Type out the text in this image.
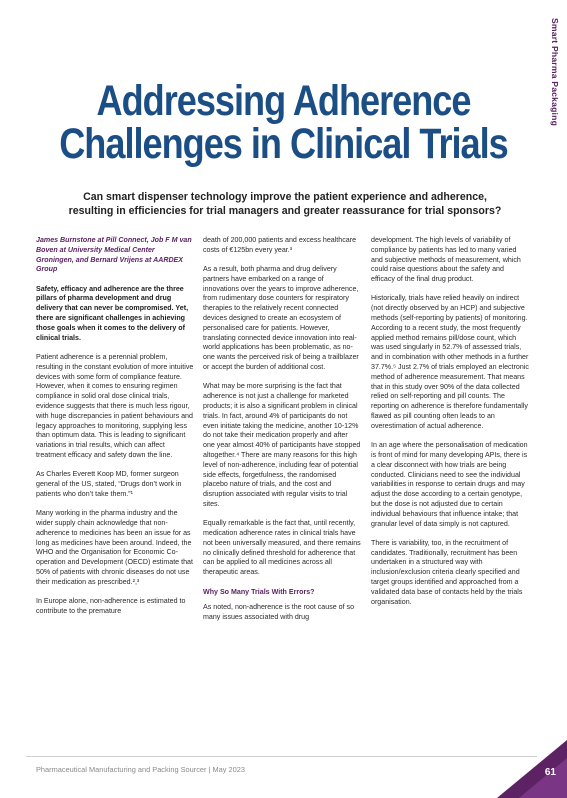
Smart Pharma Packaging
Addressing Adherence
Challenges in Clinical Trials
Can smart dispenser technology improve the patient experience and adherence, resulting in efficiencies for trial managers and greater reassurance for trial sponsors?

James Burnstone at Pill Connect, Job F M van Boven at University Medical Center Groningen, and Bernard Vrijens at AARDEX Group

Safety, efficacy and adherence are the three pillars of pharma development and drug delivery that can never be compromised. Yet, there are significant challenges in achieving those goals when it comes to the delivery of clinical trials.

Patient adherence is a perennial problem, resulting in the constant evolution of more intuitive devices with some form of compliance feature. However, when it comes to ensuring regimen compliance in solid oral dose clinical trials, evidence suggests that there is much less rigour, with huge discrepancies in patient behaviours and legacy approaches to monitoring, supplying less than optimum data. This is leading to significant variations in trial results, which can affect treatment efficacy and safety down the line.

As Charles Everett Koop MD, former surgeon general of the US, stated, “Drugs don’t work in patients who don’t take them.”¹

Many working in the pharma industry and the wider supply chain acknowledge that non-adherence to medicines has been an issue for as long as medicines have been around. Indeed, the WHO and the Organisation for Economic Co-operation and Development (OECD) estimate that 50% of patients with chronic diseases do not use their medication as prescribed.²,³

In Europe alone, non-adherence is estimated to contribute to the premature

death of 200,000 patients and excess healthcare costs of €125bn every year.³

As a result, both pharma and drug delivery partners have embarked on a range of innovations over the years to improve adherence, from rudimentary dose counters for respiratory therapies to the relatively recent connected devices designed to create an ecosystem of personalised care for patients. However, translating connected device innovation into real-world applications has been problematic, as no-one wants the perceived risk of being a trailblazer or accept the burden of additional cost.

What may be more surprising is the fact that adherence is not just a challenge for marketed products; it is also a significant problem in clinical trials. In fact, around 4% of participants do not even initiate taking the medicine, another 10-12% do not take their medication properly and after one year almost 40% of participants have stopped altogether.⁴ There are many reasons for this high level of non-adherence, including fear of potential side effects, forgetfulness, the randomised placebo nature of trials, and the cost and disruption associated with regular visits to trial sites.

Equally remarkable is the fact that, until recently, medication adherence rates in clinical trials have not been universally measured, and there remains no clinically defined threshold for adherence that can be applied to all medicines across all therapeutic areas.

Why So Many Trials With Errors?

As noted, non-adherence is the root cause of so many issues associated with drug

development. The high levels of variability of compliance by patients has led to many varied and subjective methods of measurement, which could raise questions about the safety and efficacy of the final drug product.

Historically, trials have relied heavily on indirect (not directly observed by an HCP) and subjective methods (self-reporting by patients) of monitoring. According to a recent study, the most frequently applied method remains pill/dose count, which was used singularly in 52.7% of assessed trials, and in combination with other methods in a further 37.7%.⁵ Just 2.7% of trials employed an electronic method of adherence measurement. That means that in this study over 90% of the data collected relied on self-reporting and pill counts. The reporting on adherence is therefore fundamentally flawed as pill counting often leads to an overestimation of actual adherence.

In an age where the personalisation of medication is front of mind for many developing APIs, there is a clear disconnect with how trials are being conducted. Clinicians need to see the individual variabilities in response to certain drugs and may adjust the dose according to a certain genotype, but the dose is not adjusted due to certain individual behaviours that influence intake; that granular level of data simply is not captured.

There is variability, too, in the recruitment of candidates. Traditionally, recruitment has been undertaken in a structured way with inclusion/exclusion criteria clearly specified and target groups identified and approached from a validated data base of contacts held by the trials organisation.

Pharmaceutical Manufacturing and Packing Sourcer | May 2023	61
